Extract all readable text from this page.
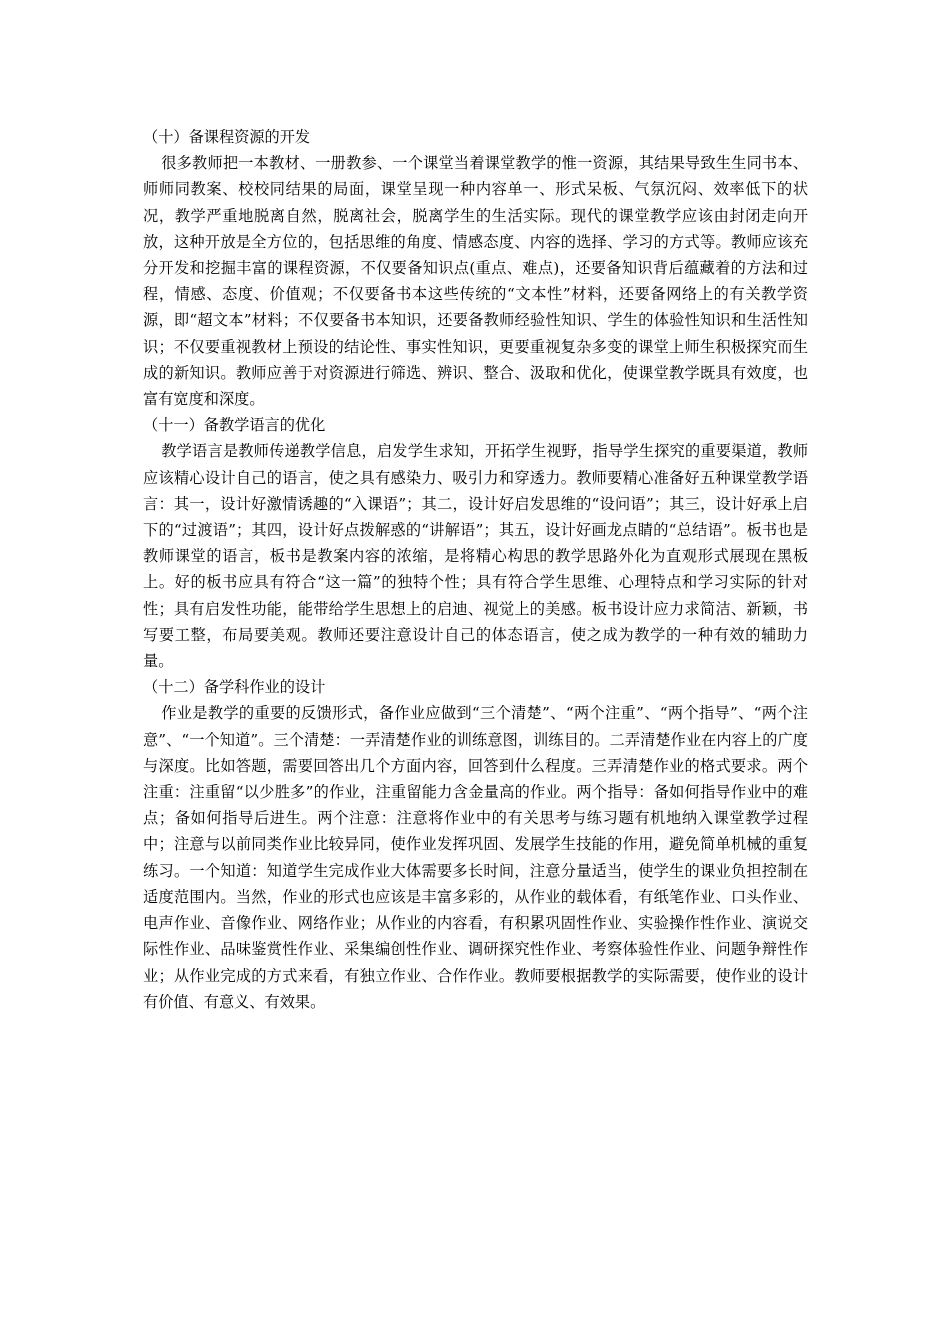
（十）备课程资源的开发

很多教师把一本教材、一册教参、一个课堂当着课堂教学的惟一资源，其结果导致生生同书本、师师同教案、校校同结果的局面，课堂呈现一种内容单一、形式呆板、气氛沉闷、效率低下的状况，教学严重地脱离自然，脱离社会，脱离学生的生活实际。现代的课堂教学应该由封闭走向开放，这种开放是全方位的，包括思维的角度、情感态度、内容的选择、学习的方式等。教师应该充分开发和挖掘丰富的课程资源，不仅要备知识点(重点、难点)，还要备知识背后蕴藏着的方法和过程，情感、态度、价值观；不仅要备书本这些传统的“文本性”材料，还要备网络上的有关教学资源，即“超文本”材料；不仅要备书本知识，还要备教师经验性知识、学生的体验性知识和生活性知识；不仅要重视教材上预设的结论性、事实性知识，更要重视复杂多变的课堂上师生积极探究而生成的新知识。教师应善于对资源进行筛选、辨识、整合、汲取和优化，使课堂教学既具有效度，也富有宽度和深度。

（十一）备教学语言的优化

教学语言是教师传递教学信息，启发学生求知，开拓学生视野，指导学生探究的重要渠道，教师应该精心设计自己的语言，使之具有感染力、吸引力和穿透力。教师要精心准备好五种课堂教学语言：其一，设计好激情诱趣的“入课语”；其二，设计好启发思维的“设问语”；其三，设计好承上启下的“过渡语”；其四，设计好点拨解惑的“讲解语”；其五，设计好画龙点睛的“总结语”。板书也是教师课堂的语言，板书是教案内容的浓缩，是将精心构思的教学思路外化为直观形式展现在黑板上。好的板书应具有符合“这一篇”的独特个性；具有符合学生思维、心理特点和学习实际的针对性；具有启发性功能，能带给学生思想上的启迪、视觉上的美感。板书设计应力求简洁、新颖，书写要工整，布局要美观。教师还要注意设计自己的体态语言，使之成为教学的一种有效的辅助力量。

（十二）备学科作业的设计

作业是教学的重要的反馈形式，备作业应做到“三个清楚”、“两个注重”、“两个指导”、“两个注意”、“一个知道”。三个清楚：一弄清楚作业的训练意图，训练目的。二弄清楚作业在内容上的广度与深度。比如答题，需要回答出几个方面内容，回答到什么程度。三弄清楚作业的格式要求。两个注重：注重留“以少胜多”的作业，注重留能力含金量高的作业。两个指导：备如何指导作业中的难点；备如何指导后进生。两个注意：注意将作业中的有关思考与练习题有机地纳入课堂教学过程中；注意与以前同类作业比较异同，使作业发挥巩固、发展学生技能的作用，避免简单机械的重复练习。一个知道：知道学生完成作业大体需要多长时间，注意分量适当，使学生的课业负担控制在适度范围内。当然，作业的形式也应该是丰富多彩的，从作业的载体看，有纸笔作业、口头作业、电声作业、音像作业、网络作业；从作业的内容看，有积累巩固性作业、实验操作性作业、演说交际性作业、品味鉴赏性作业、采集编创性作业、调研探究性作业、考察体验性作业、问题争辩性作业；从作业完成的方式来看，有独立作业、合作作业。教师要根据教学的实际需要，使作业的设计有价值、有意义、有效果。
